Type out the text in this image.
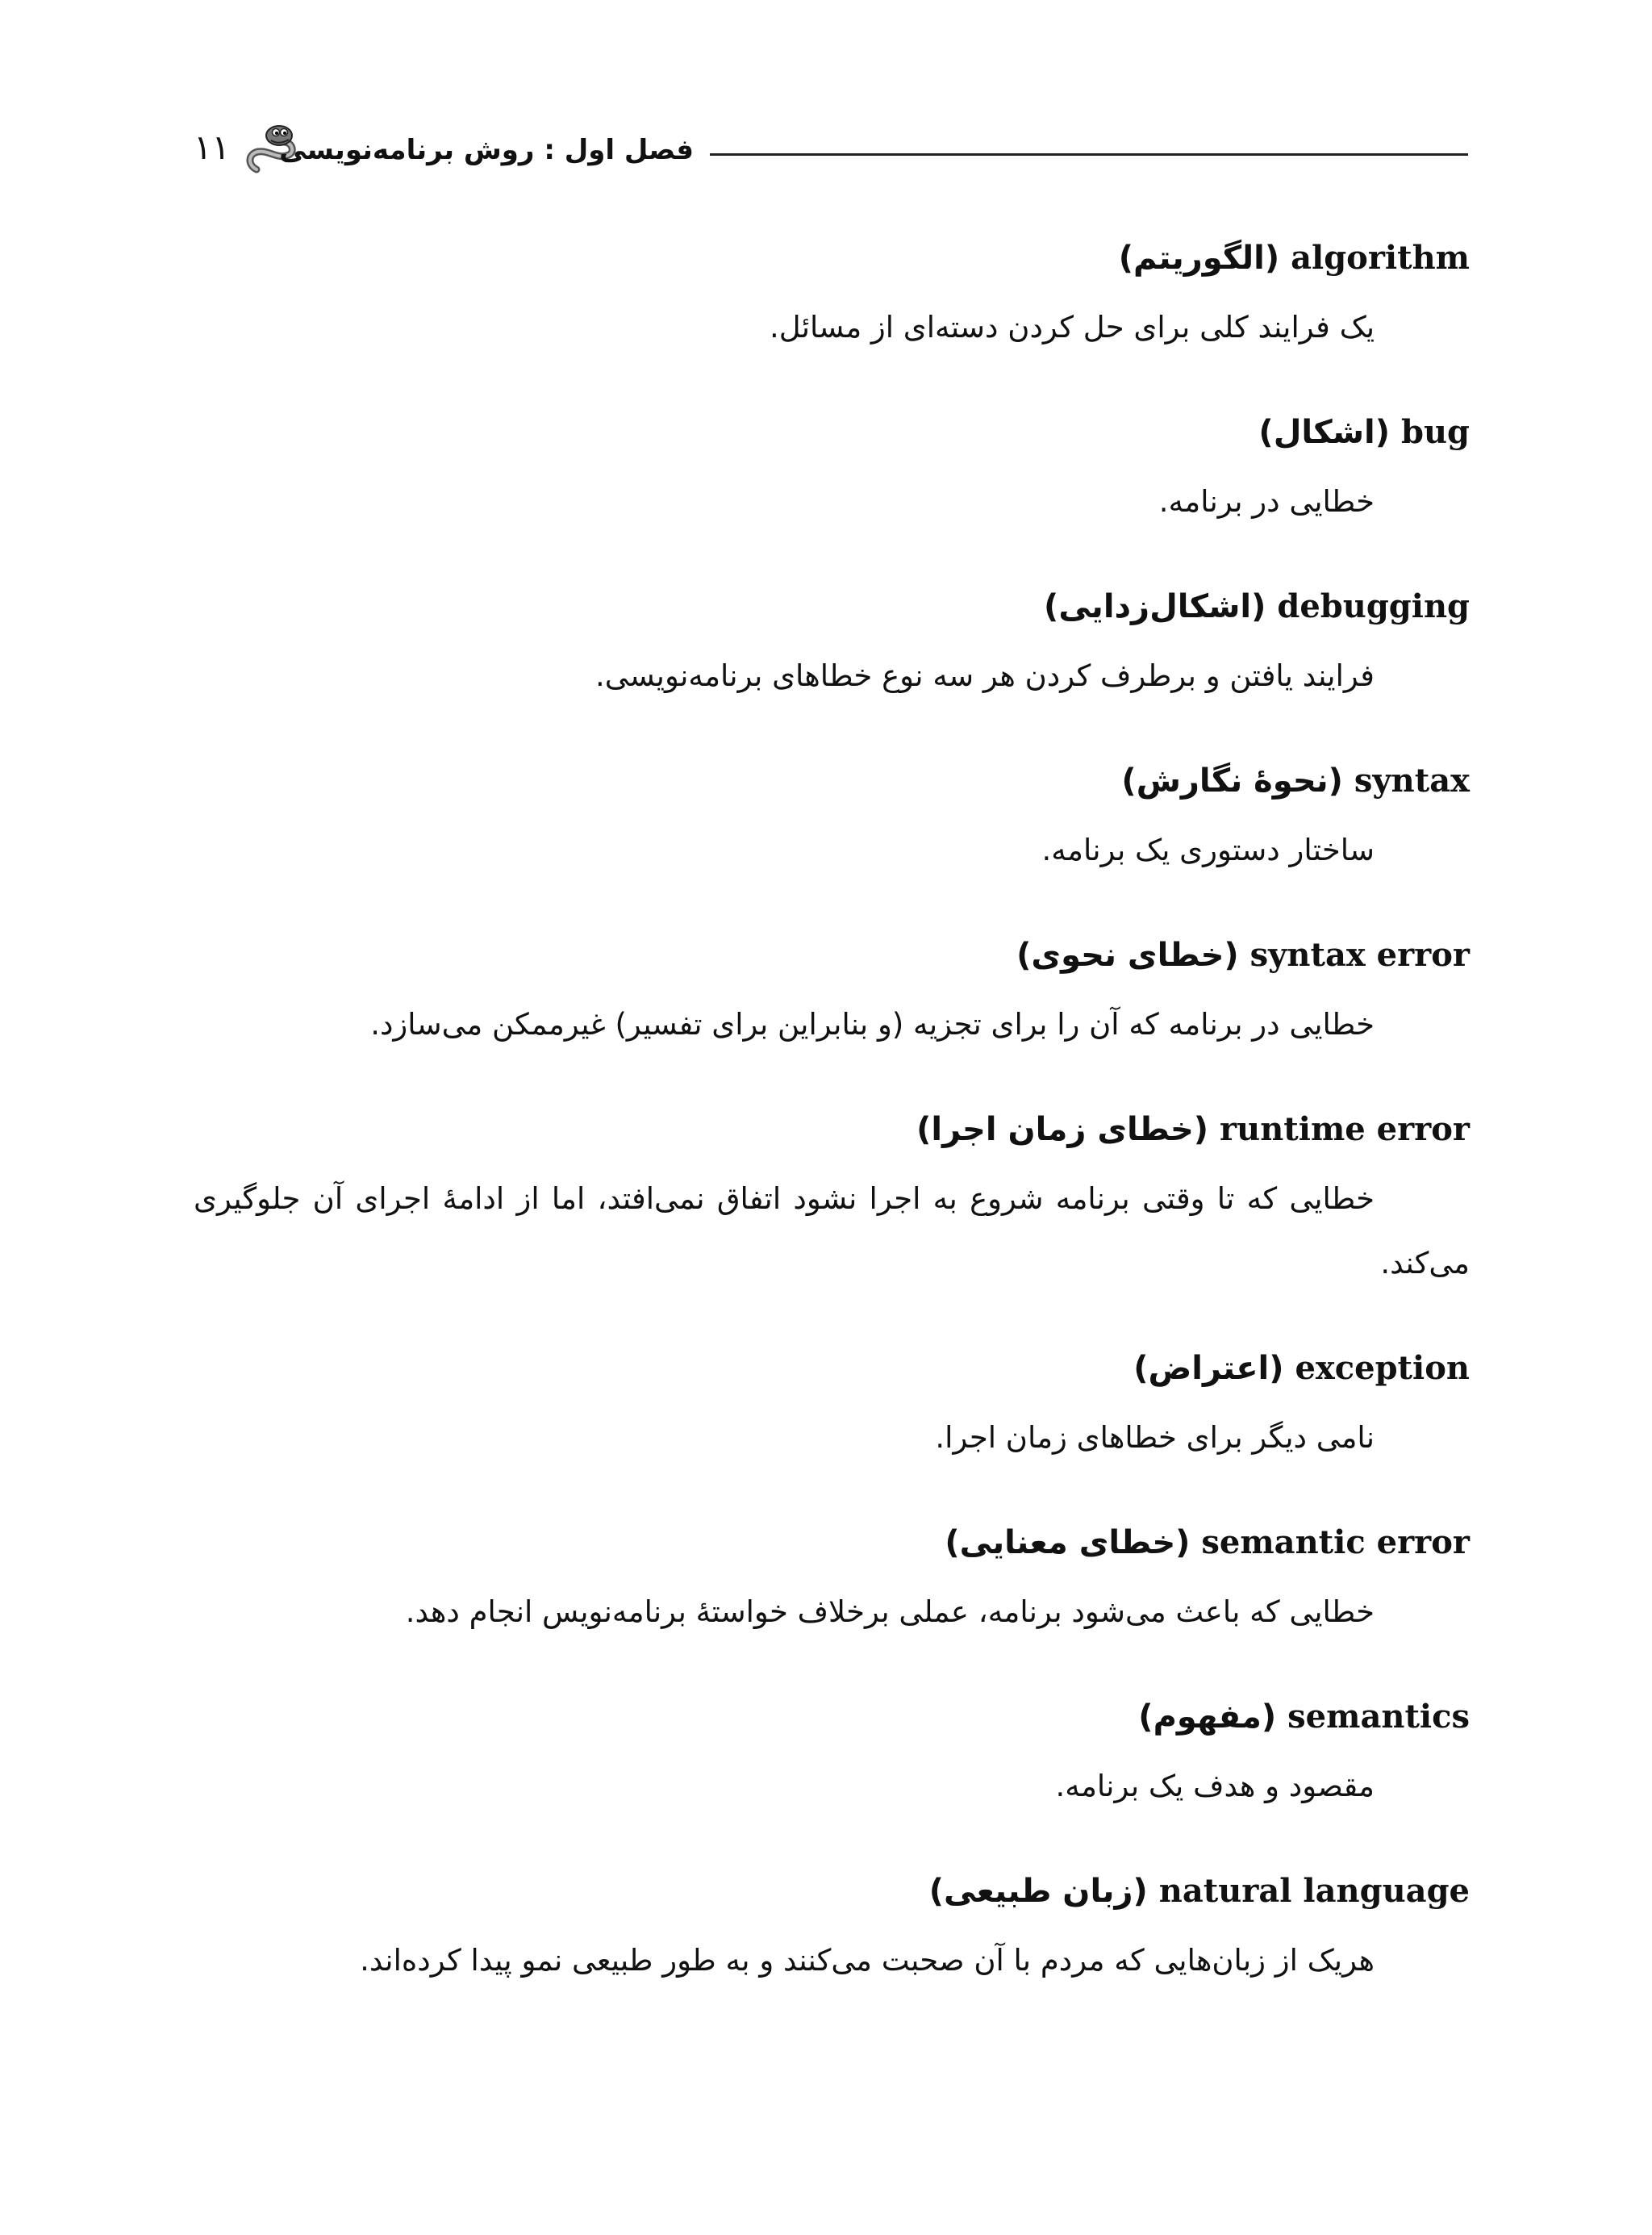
۱۱ فصل اول : روش برنامه‌نویسی
algorithm (الگوریتم)
یک فرایند کلی برای حل کردن دسته‌ای از مسائل.
bug (اشکال)
خطایی در برنامه.
debugging (اشکال‌زدایی)
فرایند یافتن و برطرف کردن هر سه نوع خطاهای برنامه‌نویسی.
syntax (نحوهٔ نگارش)
ساختار دستوری یک برنامه.
syntax error (خطای نحوی)
خطایی در برنامه که آن را برای تجزیه (و بنابراین برای تفسیر) غیرممکن می‌سازد.
runtime error (خطای زمان اجرا)
خطایی که تا وقتی برنامه شروع به اجرا نشود اتفاق نمی‌افتد، اما از ادامهٔ اجرای آن جلوگیری می‌کند.
exception (اعتراض)
نامی دیگر برای خطاهای زمان اجرا.
semantic error (خطای معنایی)
خطایی که باعث می‌شود برنامه، عملی برخلاف خواستهٔ برنامه‌نویس انجام دهد.
semantics (مفهوم)
مقصود و هدف یک برنامه.
natural language (زبان طبیعی)
هریک از زبان‌هایی که مردم با آن صحبت می‌کنند و به طور طبیعی نمو پیدا کرده‌اند.
